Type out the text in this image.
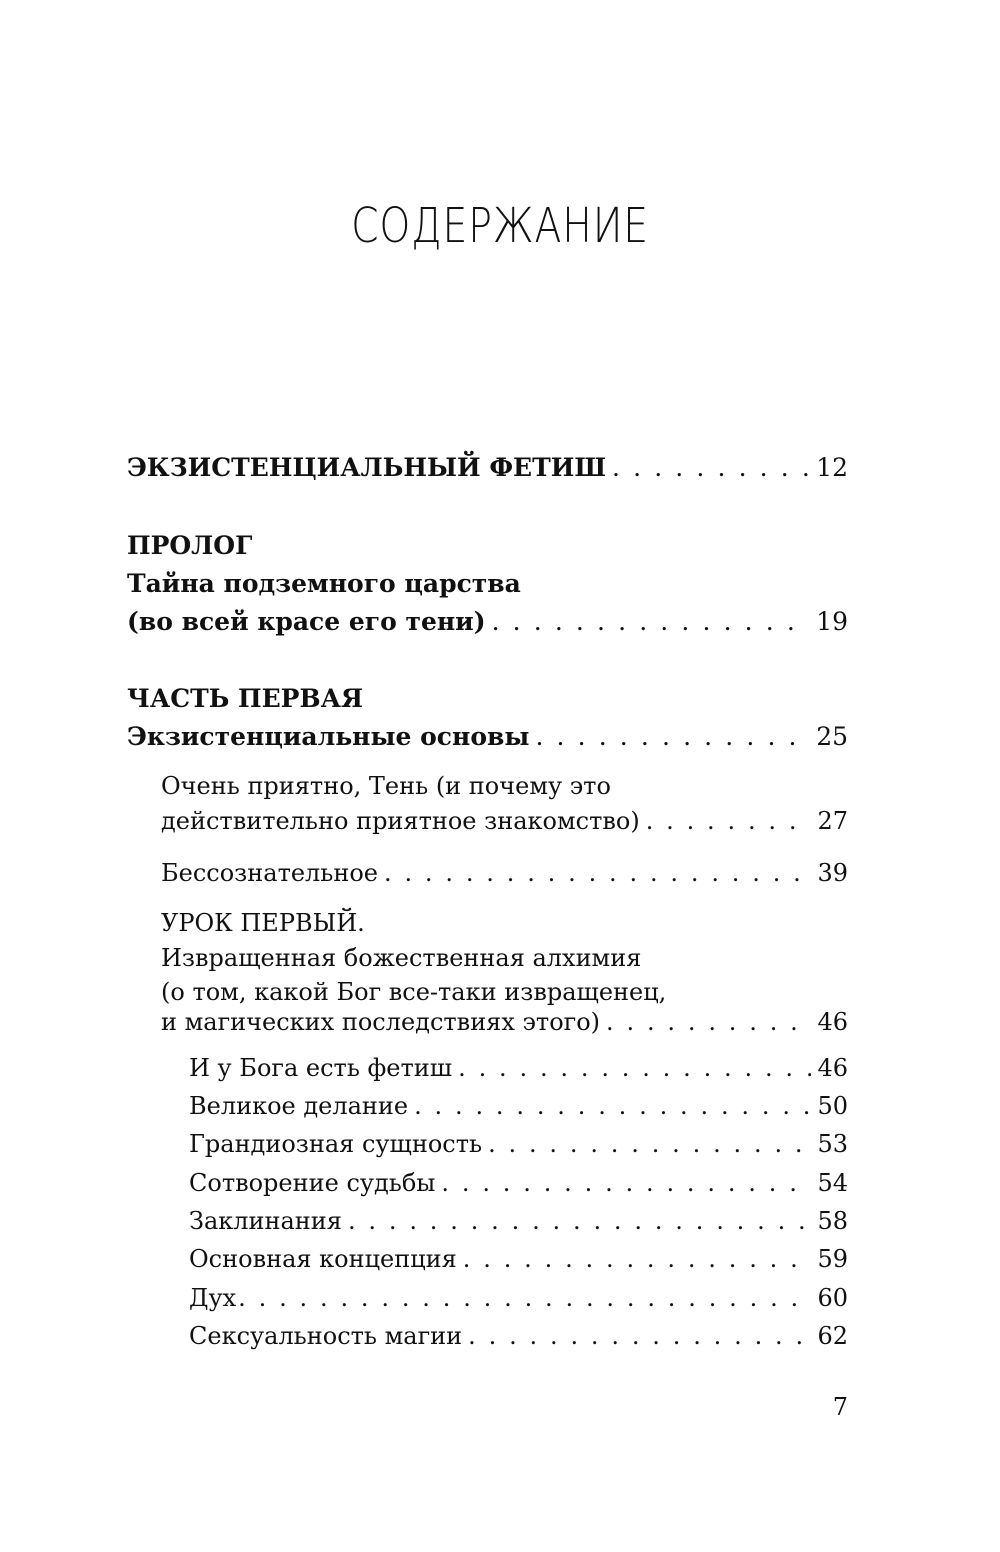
СОДЕРЖАНИЕ
ЭКЗИСТЕНЦИАЛЬНЫЙ ФЕТИШ . . .	12
ПРОЛОГ
Тайна подземного царства
(во всей красе его тени) . . .	19
ЧАСТЬ ПЕРВАЯ
Экзистенциальные основы . . .	25
Очень приятно, Тень (и почему это
действительно приятное знакомство) . . .	27
Бессознательное . . .	39
УРОК ПЕРВЫЙ.
Извращенная божественная алхимия
(о том, какой Бог все-таки извращенец,
и магических последствиях этого) . . .	46
И у Бога есть фетиш . . .	46
Великое делание . . .	50
Грандиозная сущность . . .	53
Сотворение судьбы . . .	54
Заклинания . . .	58
Основная концепция . . .	59
Дух . . .	60
Сексуальность магии . . .	62
7
